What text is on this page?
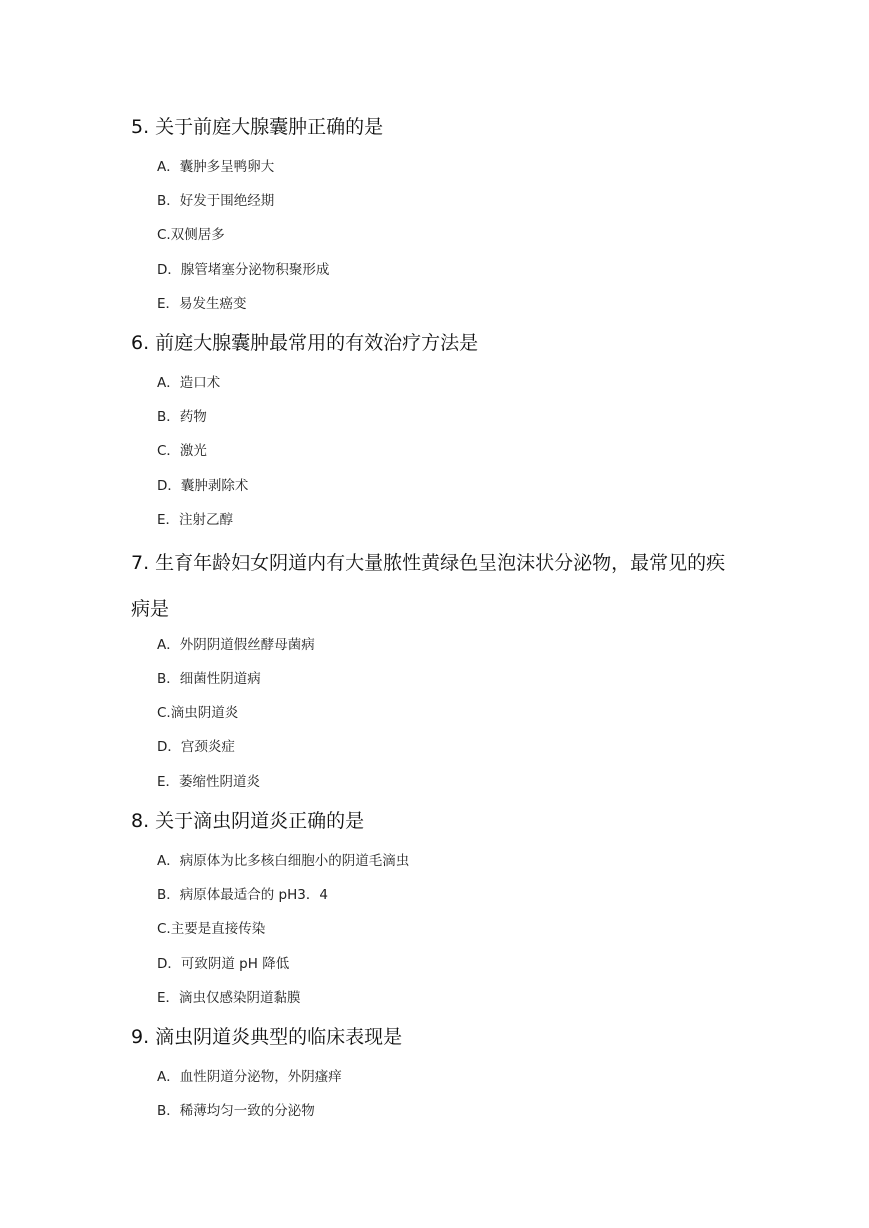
5. 关于前庭大腺囊肿正确的是
A．囊肿多呈鸭卵大
B．好发于围绝经期
C.双侧居多
D．腺管堵塞分泌物积聚形成
E．易发生癌变
6. 前庭大腺囊肿最常用的有效治疗方法是
A．造口术
B．药物
C．激光
D．囊肿剥除术
E．注射乙醇
7. 生育年龄妇女阴道内有大量脓性黄绿色呈泡沫状分泌物，最常见的疾病是
A．外阴阴道假丝酵母菌病
B．细菌性阴道病
C.滴虫阴道炎
D．宫颈炎症
E．萎缩性阴道炎
8. 关于滴虫阴道炎正确的是
A．病原体为比多核白细胞小的阴道毛滴虫
B．病原体最适合的 pH3．4
C.主要是直接传染
D．可致阴道 pH 降低
E．滴虫仅感染阴道黏膜
9. 滴虫阴道炎典型的临床表现是
A．血性阴道分泌物，外阴瘙痒
B．稀薄均匀一致的分泌物
